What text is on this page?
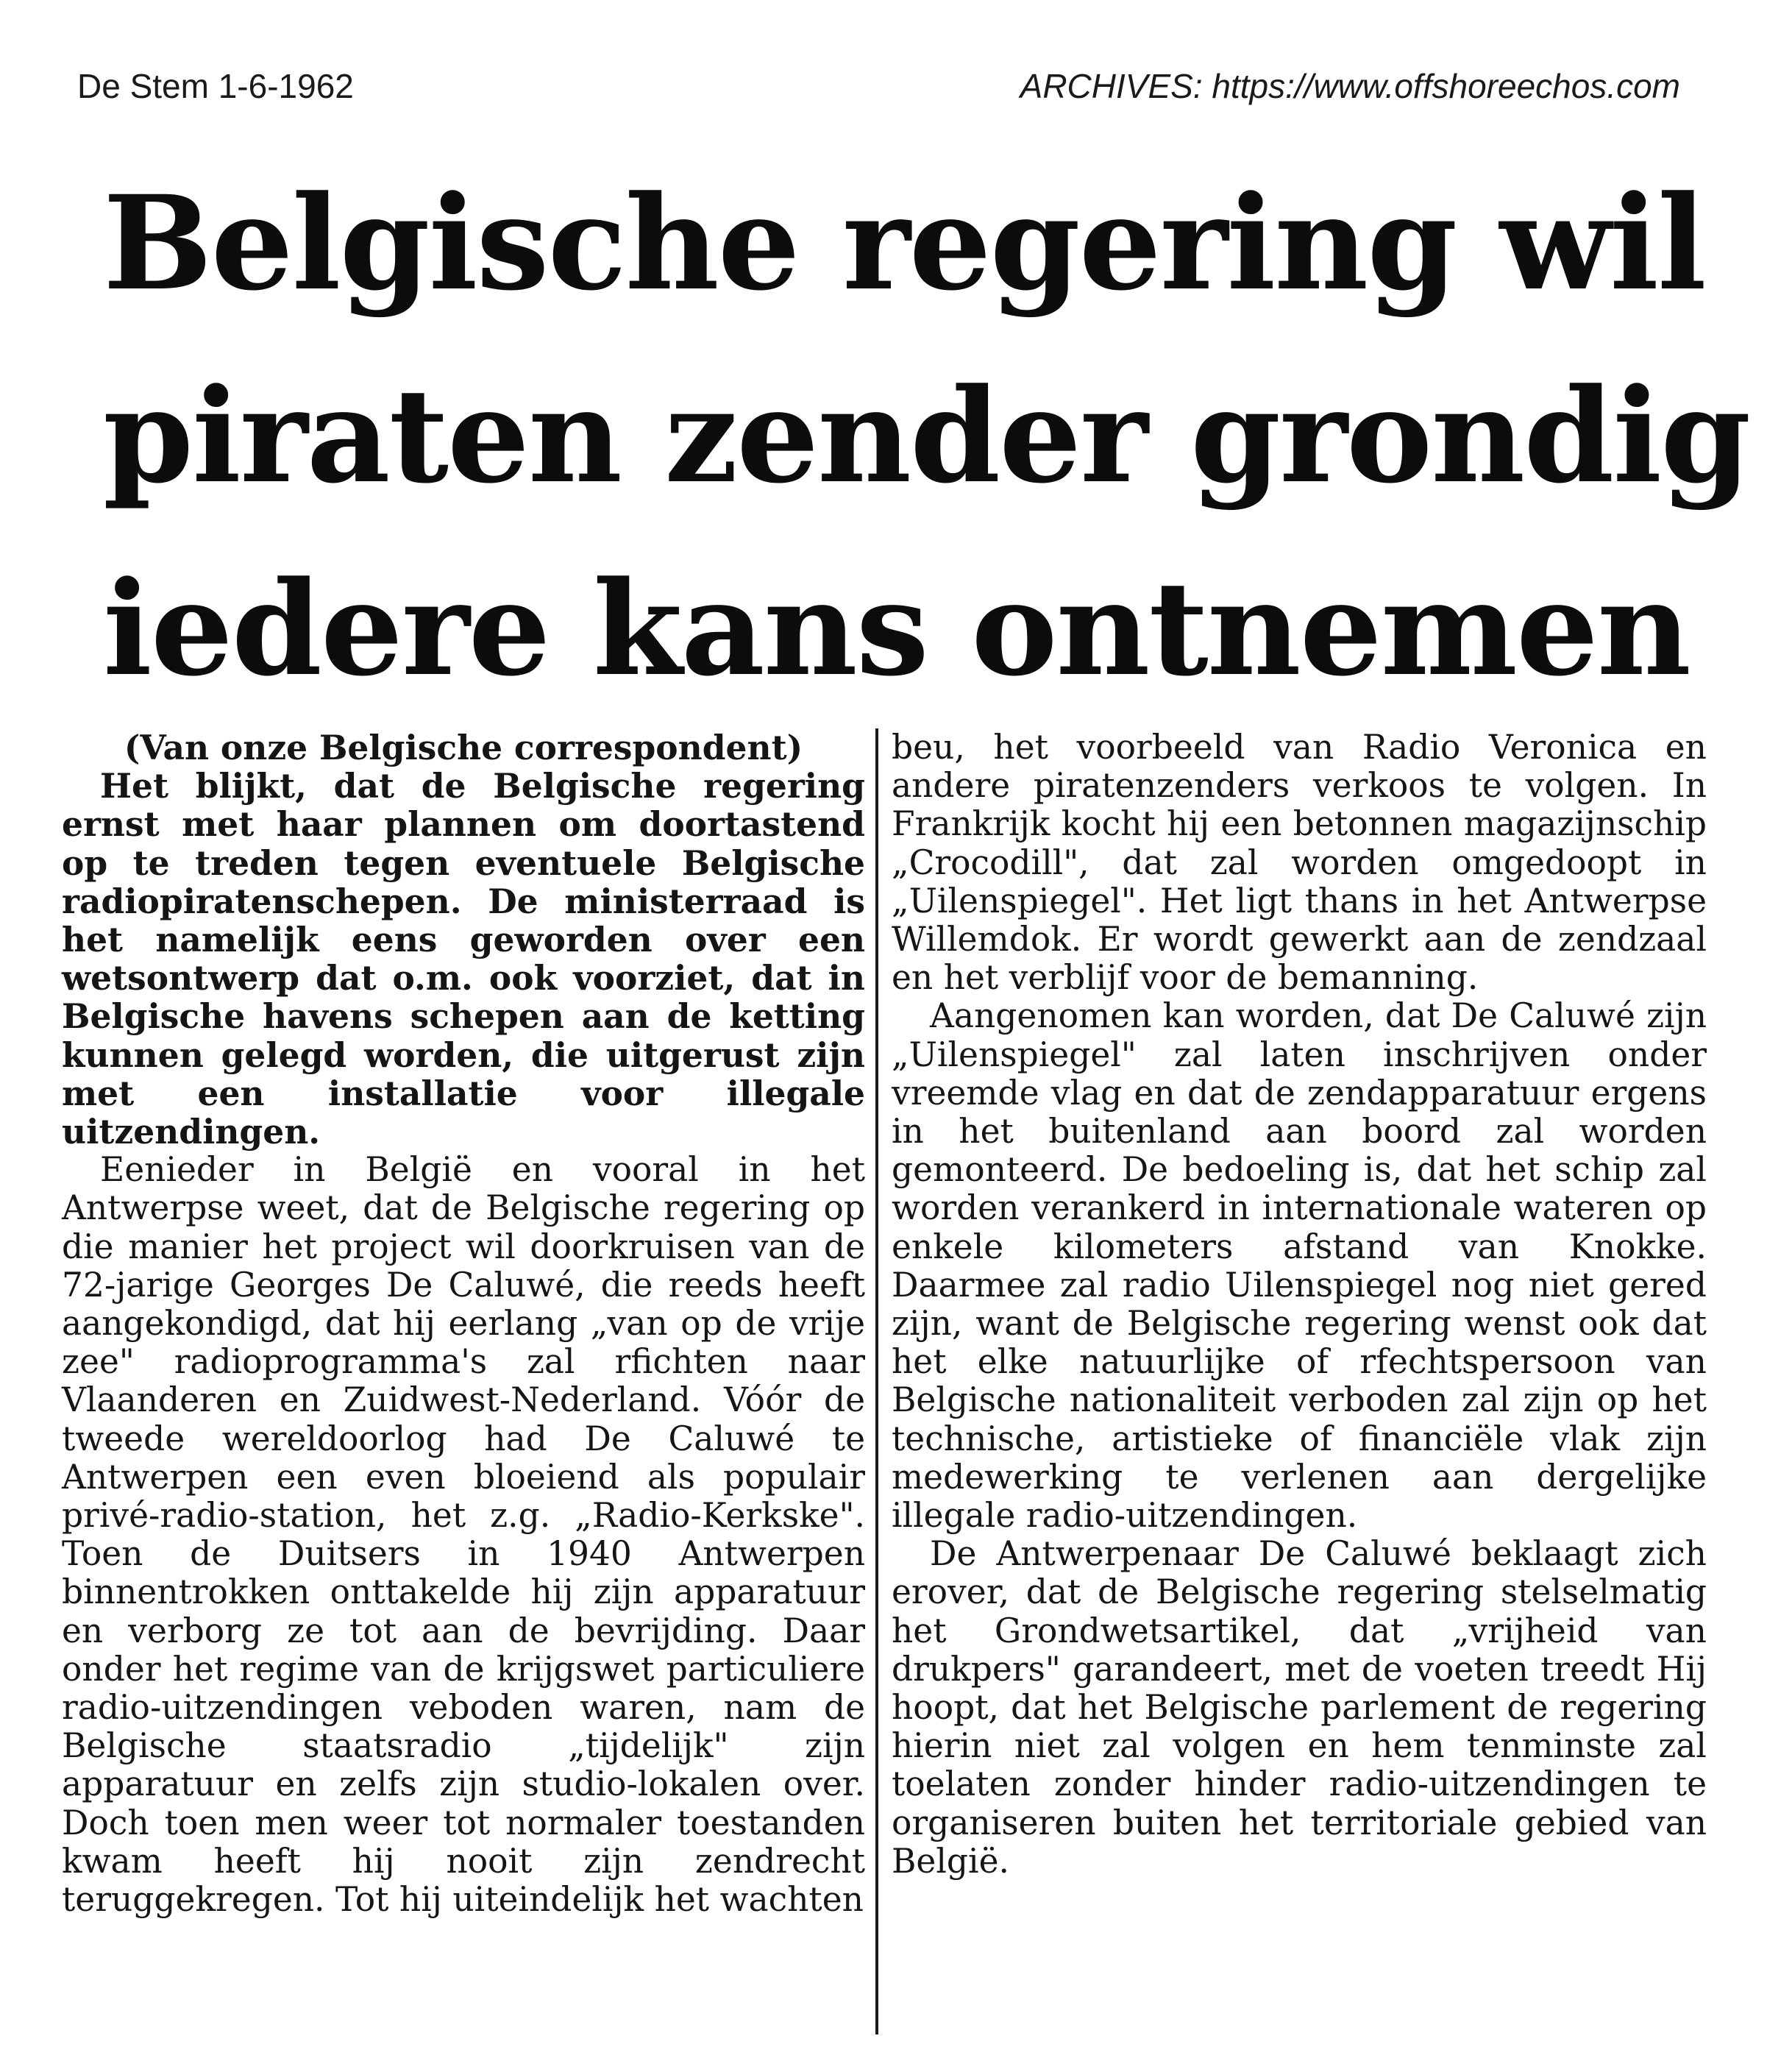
De Stem 1-6-1962	ARCHIVES: https://www.offshoreechos.com
Belgische regering wil
piraten zender grondig
iedere kans ontnemen

(Van onze Belgische correspondent)

Het blijkt, dat de Belgische regering ernst met haar plannen om doortastend op te treden tegen eventuele Belgische radiopiratenschepen. De ministerraad is het namelijk eens geworden over een wetsontwerp dat o.m. ook voorziet, dat in Belgische havens schepen aan de ketting kunnen gelegd worden, die uitgerust zijn met een installatie voor illegale uitzendingen.

Eenieder in België en vooral in het Antwerpse weet, dat de Belgische regering op die manier het project wil doorkruisen van de 72-jarige Georges De Caluwé, die reeds heeft aangekondigd, dat hij eerlang „van op de vrije zee" radioprogramma's zal rfichten naar Vlaanderen en Zuidwest-Nederland. Vóór de tweede wereldoorlog had De Caluwé te Antwerpen een even bloeiend als populair privé-radio-station, het z.g. „Radio-Kerkske". Toen de Duitsers in 1940 Antwerpen binnentrokken onttakelde hij zijn apparatuur en verborg ze tot aan de bevrijding. Daar onder het regime van de krijgswet particuliere radio-uitzendingen veboden waren, nam de Belgische staatsradio „tijdelijk" zijn apparatuur en zelfs zijn studio-lokalen over. Doch toen men weer tot normaler toestanden kwam heeft hij nooit zijn zendrecht teruggekregen. Tot hij uiteindelijk het wachten

beu, het voorbeeld van Radio Veronica en andere piratenzenders verkoos te volgen. In Frankrijk kocht hij een betonnen magazijnschip „Crocodill", dat zal worden omgedoopt in „Uilenspiegel". Het ligt thans in het Antwerpse Willemdok. Er wordt gewerkt aan de zendzaal en het verblijf voor de bemanning.

Aangenomen kan worden, dat De Caluwé zijn „Uilenspiegel" zal laten inschrijven onder vreemde vlag en dat de zendapparatuur ergens in het buitenland aan boord zal worden gemonteerd. De bedoeling is, dat het schip zal worden verankerd in internationale wateren op enkele kilometers afstand van Knokke. Daarmee zal radio Uilenspiegel nog niet gered zijn, want de Belgische regering wenst ook dat het elke natuurlijke of rfechtspersoon van Belgische nationaliteit verboden zal zijn op het technische, artistieke of financiële vlak zijn medewerking te verlenen aan dergelijke illegale radio-uitzendingen.

De Antwerpenaar De Caluwé beklaagt zich erover, dat de Belgische regering stelselmatig het Grondwetsartikel, dat „vrijheid van drukpers" garandeert, met de voeten treedt Hij hoopt, dat het Belgische parlement de regering hierin niet zal volgen en hem tenminste zal toelaten zonder hinder radio-uitzendingen te organiseren buiten het territoriale gebied van België.
